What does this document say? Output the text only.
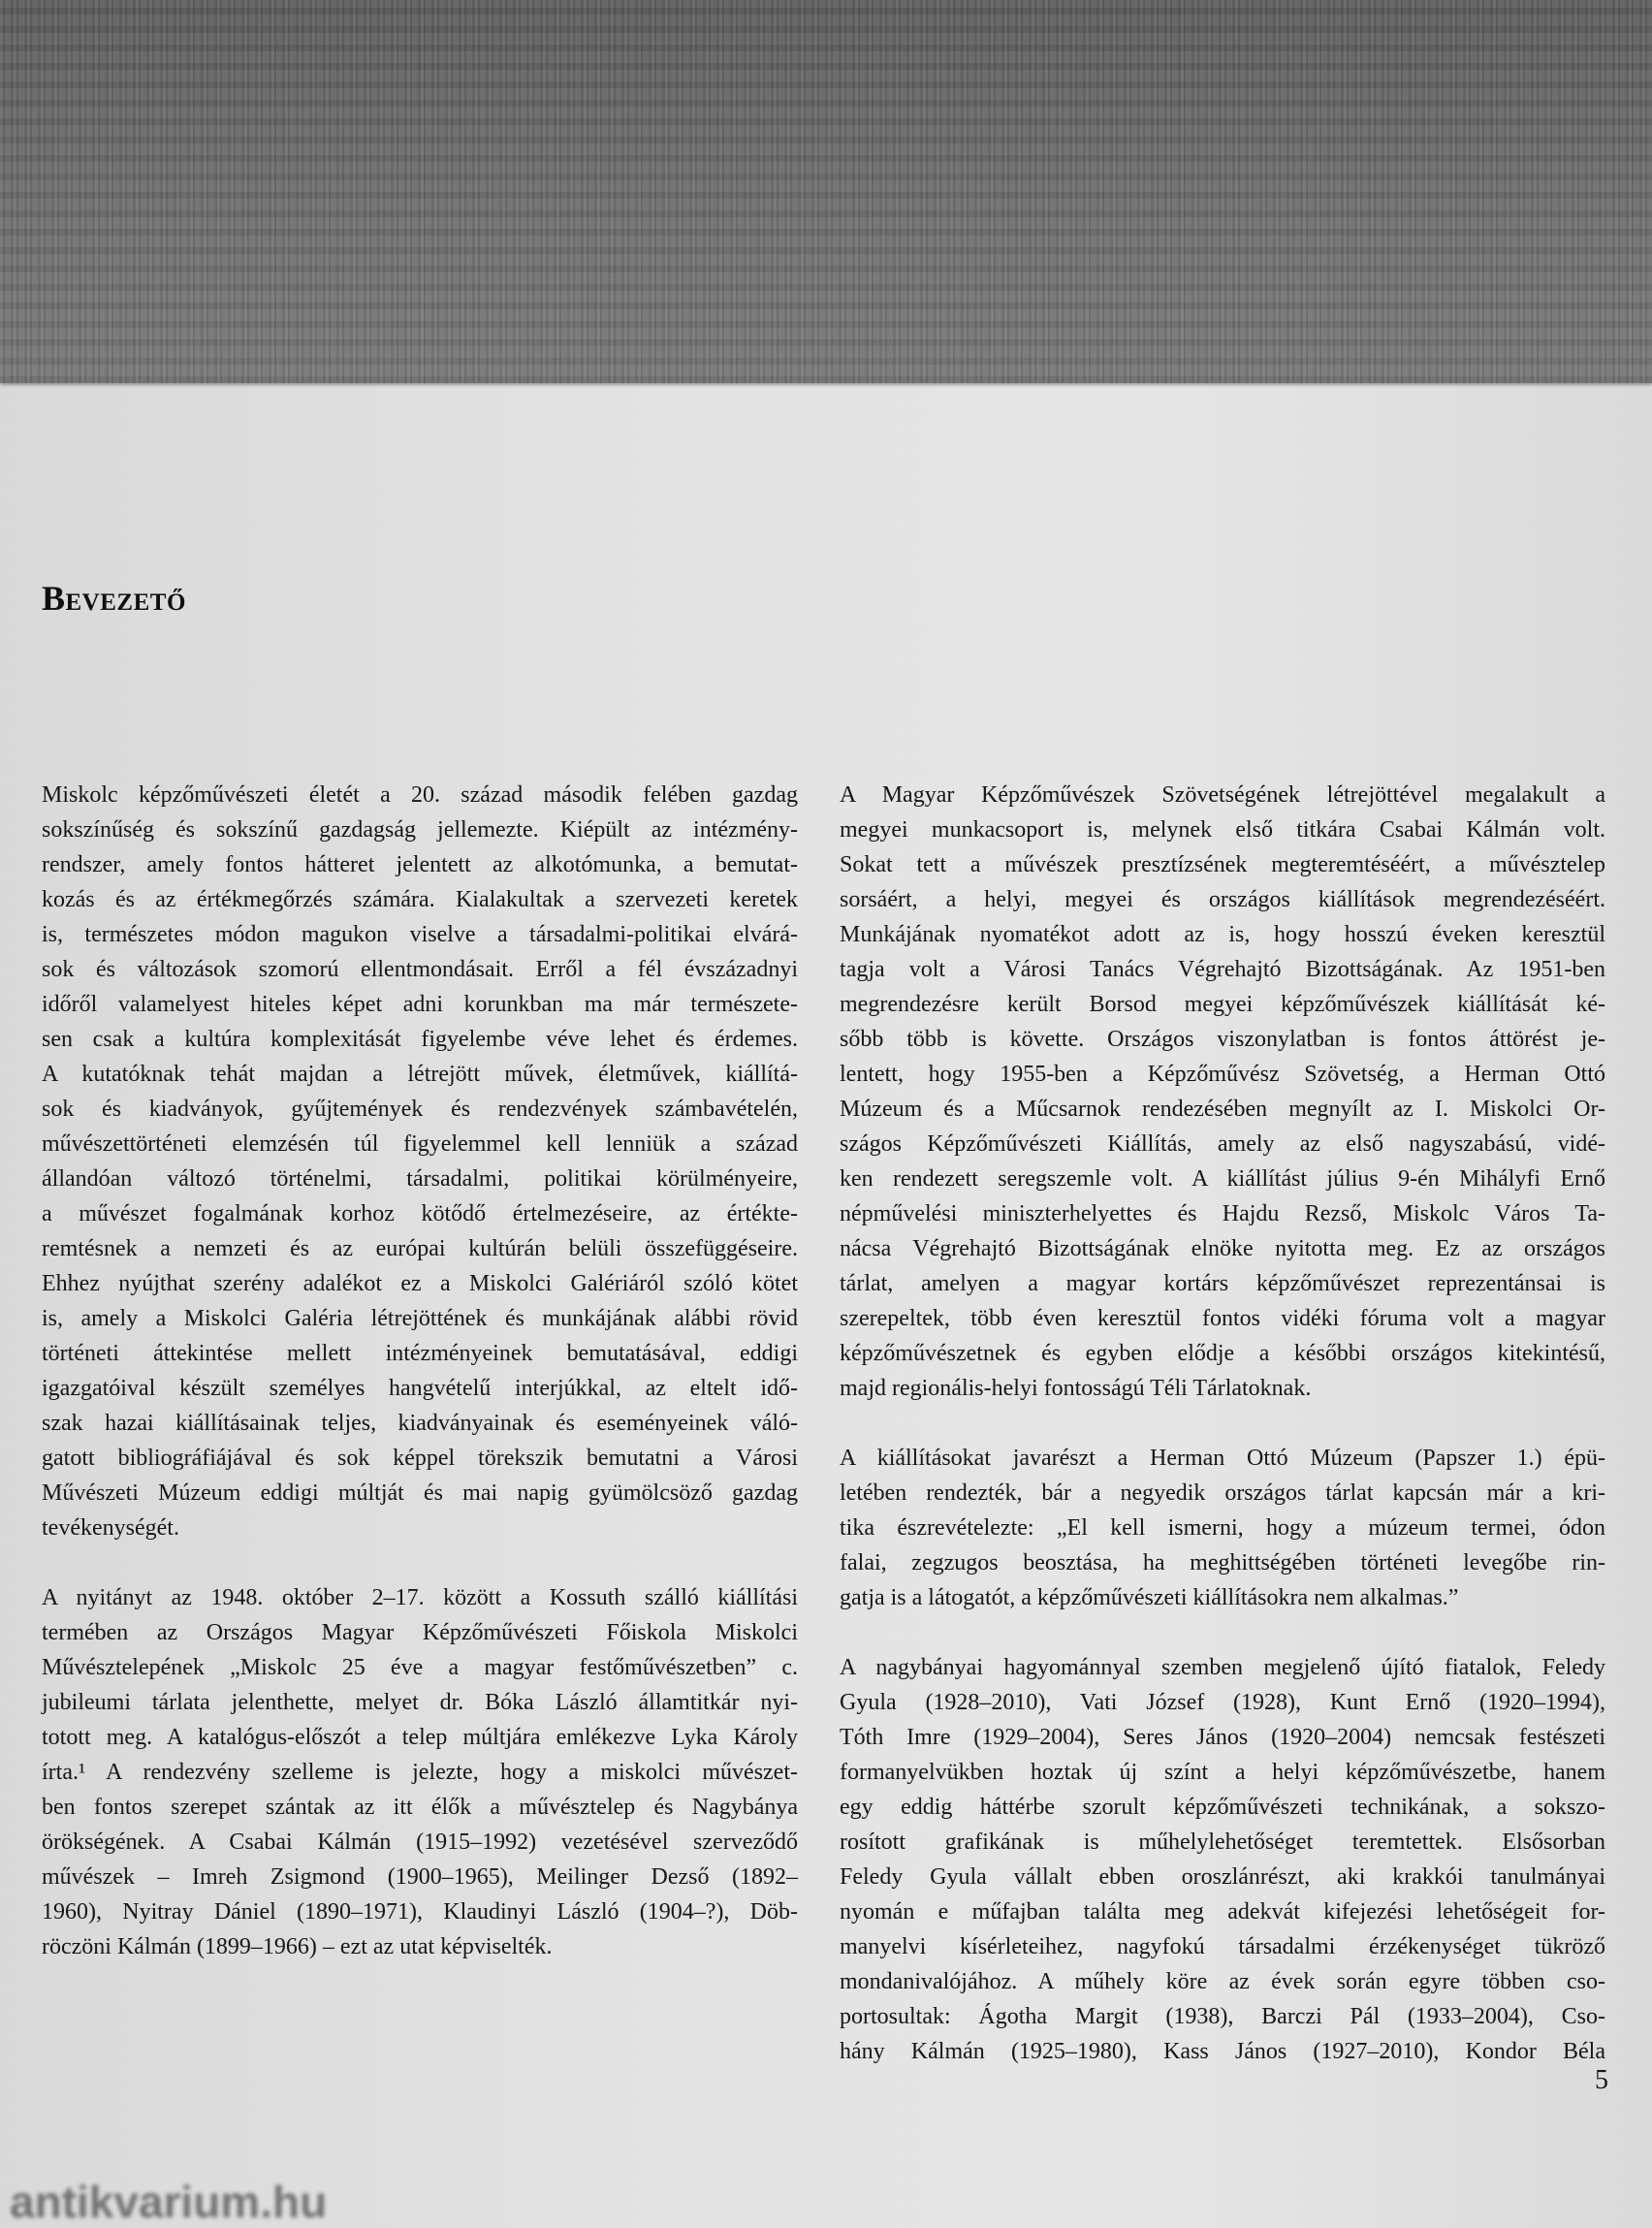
Bevezető
Miskolc képzőművészeti életét a 20. század második felében gazdag
sokszínűség és sokszínű gazdagság jellemezte. Kiépült az intézmény-
rendszer, amely fontos hátteret jelentett az alkotómunka, a bemutat-
kozás és az értékmegőrzés számára. Kialakultak a szervezeti keretek
is, természetes módon magukon viselve a társadalmi-politikai elvárá-
sok és változások szomorú ellentmondásait. Erről a fél évszázadnyi
időről valamelyest hiteles képet adni korunkban ma már természete-
sen csak a kultúra komplexitását figyelembe véve lehet és érdemes.
A kutatóknak tehát majdan a létrejött művek, életművek, kiállítá-
sok és kiadványok, gyűjtemények és rendezvények számbavételén,
művészettörténeti elemzésén túl figyelemmel kell lenniük a század
állandóan változó történelmi, társadalmi, politikai körülményeire,
a művészet fogalmának korhoz kötődő értelmezéseire, az értékte-
remtésnek a nemzeti és az európai kultúrán belüli összefüggéseire.
Ehhez nyújthat szerény adalékot ez a Miskolci Galériáról szóló kötet
is, amely a Miskolci Galéria létrejöttének és munkájának alábbi rövid
történeti áttekintése mellett intézményeinek bemutatásával, eddigi
igazgatóival készült személyes hangvételű interjúkkal, az eltelt idő-
szak hazai kiállításainak teljes, kiadványainak és eseményeinek váló-
gatott bibliográfiájával és sok képpel törekszik bemutatni a Városi
Művészeti Múzeum eddigi múltját és mai napig gyümölcsöző gazdag
tevékenységét.
A nyitányt az 1948. október 2–17. között a Kossuth szálló kiállítási
termében az Országos Magyar Képzőművészeti Főiskola Miskolci
Művésztelepének „Miskolc 25 éve a magyar festőművészetben” c.
jubileumi tárlata jelenthette, melyet dr. Bóka László államtitkár nyi-
totott meg. A katalógus-előszót a telep múltjára emlékezve Lyka Károly
írta.¹ A rendezvény szelleme is jelezte, hogy a miskolci művészet-
ben fontos szerepet szántak az itt élők a művésztelep és Nagybánya
örökségének. A Csabai Kálmán (1915–1992) vezetésével szerveződő
művészek – Imreh Zsigmond (1900–1965), Meilinger Dezső (1892–
1960), Nyitray Dániel (1890–1971), Klaudinyi László (1904–?), Döb-
röczöni Kálmán (1899–1966) – ezt az utat képviselték.
A Magyar Képzőművészek Szövetségének létrejöttével megalakult a
megyei munkacsoport is, melynek első titkára Csabai Kálmán volt.
Sokat tett a művészek presztízsének megteremtéséért, a művésztelep
sorsáért, a helyi, megyei és országos kiállítások megrendezéséért.
Munkájának nyomatékot adott az is, hogy hosszú éveken keresztül
tagja volt a Városi Tanács Végrehajtó Bizottságának. Az 1951-ben
megrendezésre került Borsod megyei képzőművészek kiállítását ké-
sőbb több is követte. Országos viszonylatban is fontos áttörést je-
lentett, hogy 1955-ben a Képzőművész Szövetség, a Herman Ottó
Múzeum és a Műcsarnok rendezésében megnyílt az I. Miskolci Or-
szágos Képzőművészeti Kiállítás, amely az első nagyszabású, vidé-
ken rendezett seregszemle volt. A kiállítást július 9-én Mihályfi Ernő
népművelési miniszterhelyettes és Hajdu Rezső, Miskolc Város Ta-
nácsa Végrehajtó Bizottságának elnöke nyitotta meg. Ez az országos
tárlat, amelyen a magyar kortárs képzőművészet reprezentánsai is
szerepeltek, több éven keresztül fontos vidéki fóruma volt a magyar
képzőművészetnek és egyben elődje a későbbi országos kitekintésű,
majd regionális-helyi fontosságú Téli Tárlatoknak.
A kiállításokat javarészt a Herman Ottó Múzeum (Papszer 1.) épü-
letében rendezték, bár a negyedik országos tárlat kapcsán már a kri-
tika észrevételezte: „El kell ismerni, hogy a múzeum termei, ódon
falai, zegzugos beosztása, ha meghittségében történeti levegőbe rin-
gatja is a látogatót, a képzőművészeti kiállításokra nem alkalmas.”
A nagybányai hagyománnyal szemben megjelenő újító fiatalok, Feledy
Gyula (1928–2010), Vati József (1928), Kunt Ernő (1920–1994),
Tóth Imre (1929–2004), Seres János (1920–2004) nemcsak festészeti
formanyelvükben hoztak új színt a helyi képzőművészetbe, hanem
egy eddig háttérbe szorult képzőművészeti technikának, a sokszo-
rosított grafikának is műhelylehetőséget teremtettek. Elsősorban
Feledy Gyula vállalt ebben oroszlánrészt, aki krakkói tanulmányai
nyomán e műfajban találta meg adekvát kifejezési lehetőségeit for-
manyelvi kísérleteihez, nagyfokú társadalmi érzékenységet tükröző
mondanivalójához. A műhely köre az évek során egyre többen cso-
portosultak: Ágotha Margit (1938), Barczi Pál (1933–2004), Cso-
hány Kálmán (1925–1980), Kass János (1927–2010), Kondor Béla
5
antikvarium.hu
